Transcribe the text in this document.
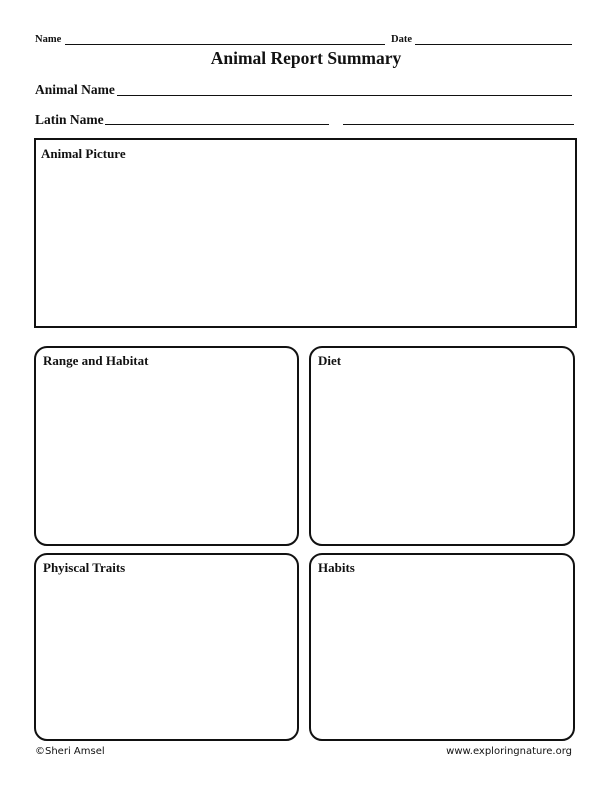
Name	Date
Animal Report Summary
Animal Name
Latin Name
Animal Picture
Range and Habitat	Diet
Phyiscal Traits	Habits
©Sheri Amsel	www.exploringnature.org
